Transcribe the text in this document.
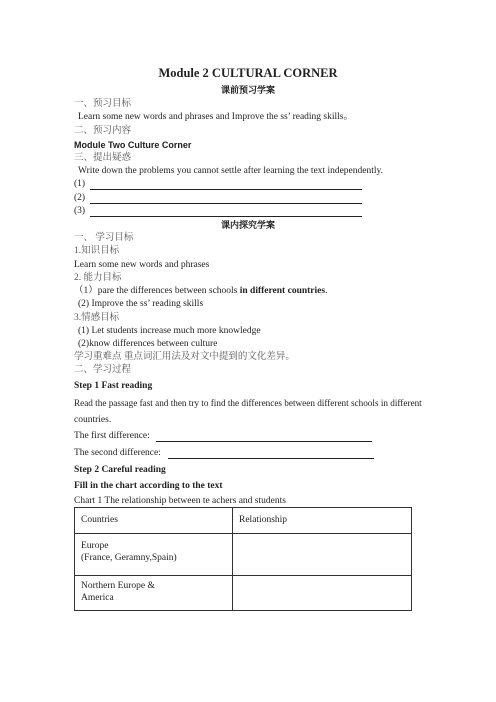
Module 2 CULTURAL CORNER
课前预习学案
一、预习目标
Learn some new words and phrases and Improve the ss’ reading skills。
二、预习内容
Module Two Culture Corner
三、提出疑惑
Write down the problems you cannot settle after learning the text independently.
(1)
(2)
(3)
课内探究学案
一、 学习目标
1.知识目标
Learn some new words and phrases
2. 能力目标
（1）pare the differences between schools in different countries.
(2) Improve the ss’ reading skills
3.情感目标
(1) Let students increase much more knowledge
(2)know differences between culture
学习重难点 重点词汇用法及对文中提到的文化差异。
二、学习过程
Step 1 Fast reading
Read the passage fast and then try to find the differences between different schools in different
countries.
The first difference:
The second difference:
Step 2 Careful reading
Fill in the chart according to the text
Chart 1 The relationship between te achers and students
Countries	Relationship

Europe
(France, Geramny,Spain)	

Northern Europe &
America	
